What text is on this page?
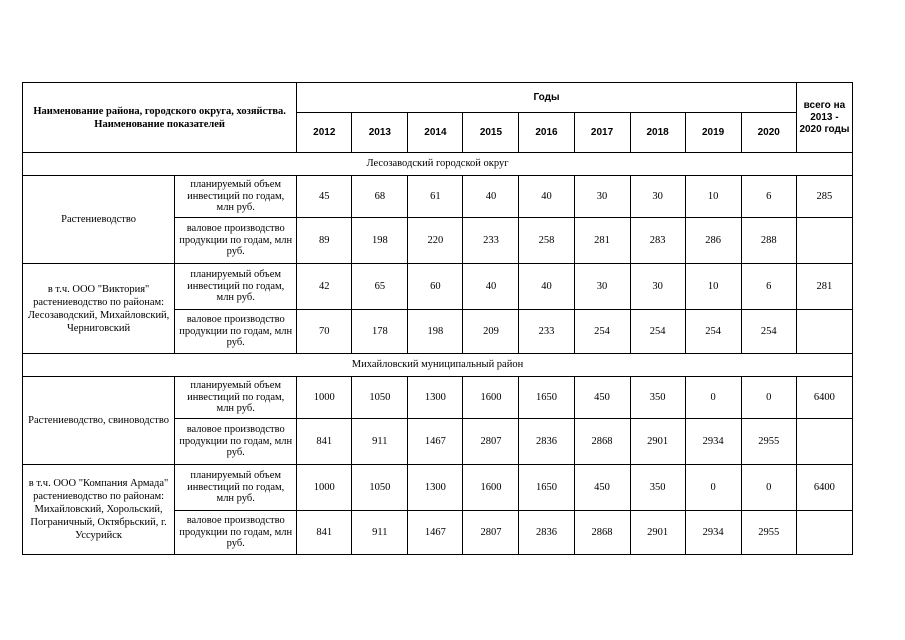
Наименование района, городского округа, хозяйства. Наименование показателей		Годы									всего на 2013 - 2020 годы
		2012	2013	2014	2015	2016	2017	2018	2019	2020	
Лесозаводский городской округ											
Растениеводство	планируемый объем инвестиций по годам, млн руб.	45	68	61	40	40	30	30	10	6	285
	валовое производство продукции по годам, млн руб.	89	198	220	233	258	281	283	286	288	
в т.ч. ООО "Виктория" растениеводство по районам: Лесозаводский, Михайловский, Черниговский	планируемый объем инвестиций по годам, млн руб.	42	65	60	40	40	30	30	10	6	281
	валовое производство продукции по годам, млн руб.	70	178	198	209	233	254	254	254	254	
Михайловский муниципальный район											
Растениеводство, свиноводство	планируемый объем инвестиций по годам, млн руб.	1000	1050	1300	1600	1650	450	350	0	0	6400
	валовое производство продукции по годам, млн руб.	841	911	1467	2807	2836	2868	2901	2934	2955	
в т.ч. ООО "Компания Армада" растениеводство по районам: Михайловский, Хорольский, Пограничный, Октябрьский, г. Уссурийск	планируемый объем инвестиций по годам, млн руб.	1000	1050	1300	1600	1650	450	350	0	0	6400
	валовое производство продукции по годам, млн руб.	841	911	1467	2807	2836	2868	2901	2934	2955	
